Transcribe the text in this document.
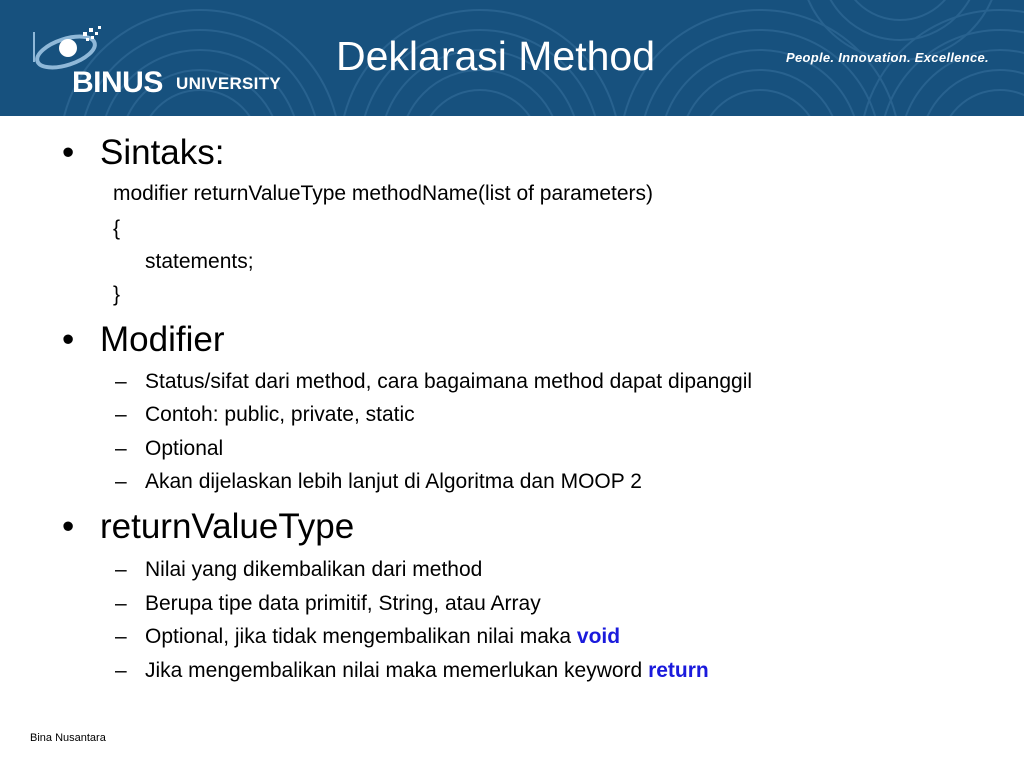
BINUS UNIVERSITY
Deklarasi Method	People. Innovation. Excellence.
• Sintaks:
modifier returnValueType methodName(list of parameters)
{
statements;
}
• Modifier
– Status/sifat dari method, cara bagaimana method dapat dipanggil
– Contoh: public, private, static
– Optional
– Akan dijelaskan lebih lanjut di Algoritma dan MOOP 2
• returnValueType
– Nilai yang dikembalikan dari method
– Berupa tipe data primitif, String, atau Array
– Optional, jika tidak mengembalikan nilai maka void
– Jika mengembalikan nilai maka memerlukan keyword return
Bina Nusantara
